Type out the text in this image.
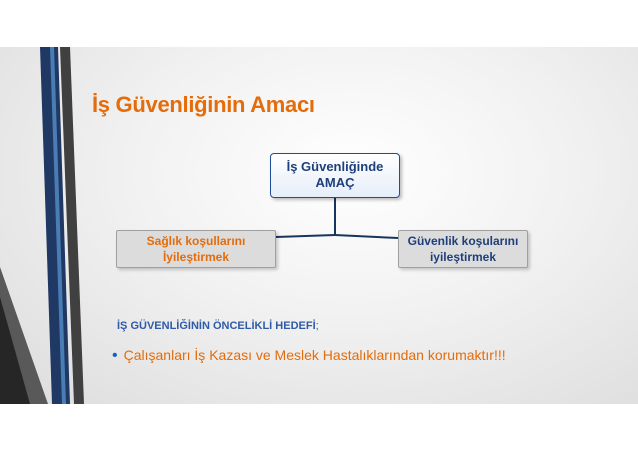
İş Güvenliğinin Amacı
İş Güvenliğinde
AMAÇ
Sağlık koşullarını
İyileştirmek
Güvenlik koşularını
iyileştirmek
İŞ GÜVENLİĞİNİN ÖNCELİKLİ HEDEFİ;
• Çalışanları İş Kazası ve Meslek Hastalıklarından korumaktır!!!
